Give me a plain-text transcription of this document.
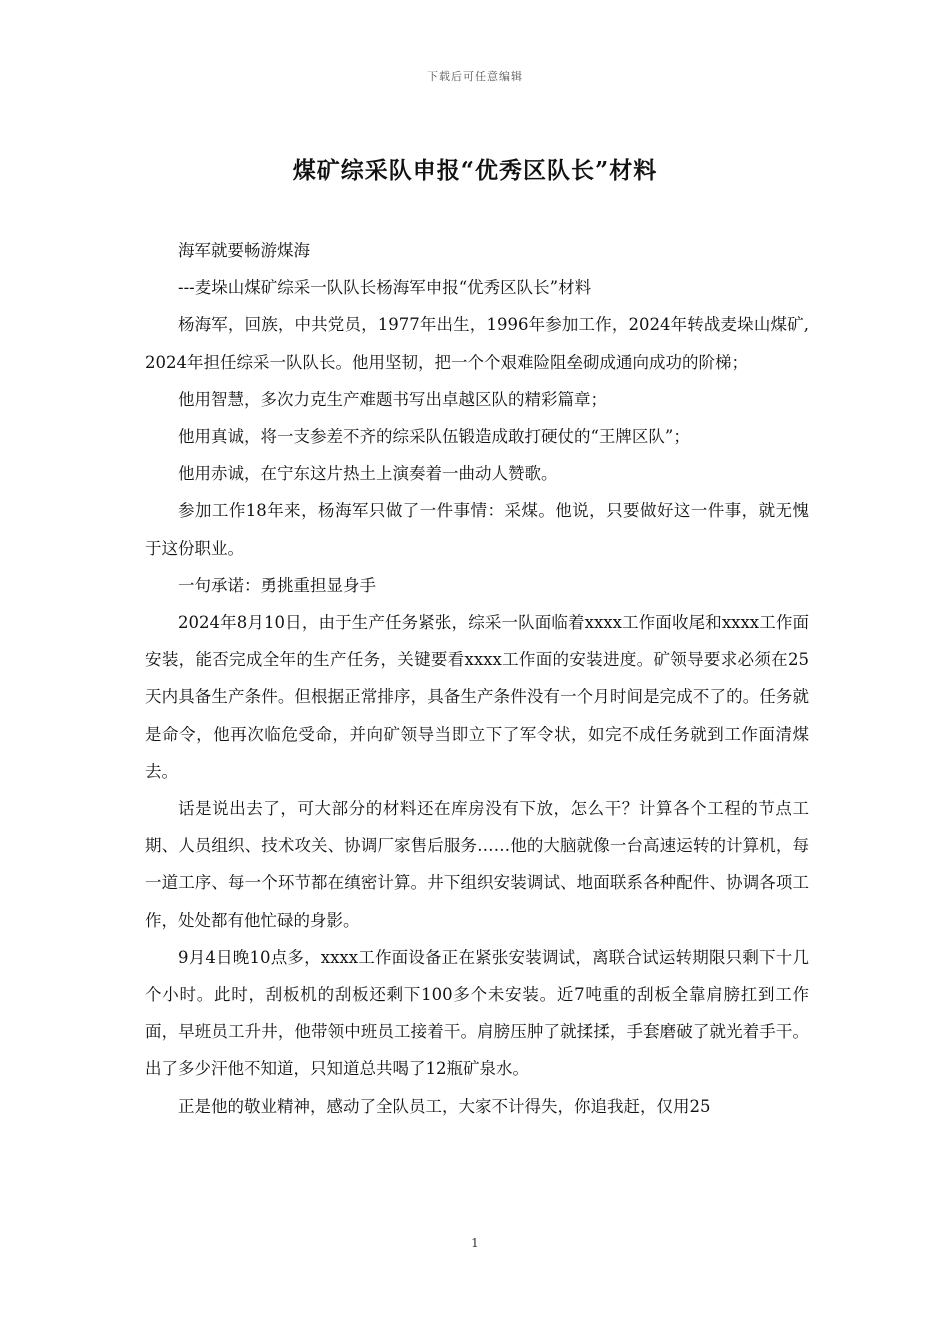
下载后可任意编辑
煤矿综采队申报“优秀区队长”材料

海军就要畅游煤海

---麦垛山煤矿综采一队队长杨海军申报“优秀区队长”材料

杨海军，回族，中共党员，1977年出生，1996年参加工作，2024年转战麦垛山煤矿,2024年担任综采一队队长。他用坚韧，把一个个艰难险阻垒砌成通向成功的阶梯；

他用智慧，多次力克生产难题书写出卓越区队的精彩篇章；

他用真诚，将一支参差不齐的综采队伍锻造成敢打硬仗的“王牌区队”；

他用赤诚，在宁东这片热土上演奏着一曲动人赞歌。

参加工作18年来，杨海军只做了一件事情：采煤。他说，只要做好这一件事，就无愧于这份职业。

一句承诺：勇挑重担显身手

2024年8月10日，由于生产任务紧张，综采一队面临着xxxx工作面收尾和xxxx工作面安装，能否完成全年的生产任务，关键要看xxxx工作面的安装进度。矿领导要求必须在25天内具备生产条件。但根据正常排序，具备生产条件没有一个月时间是完成不了的。任务就是命令，他再次临危受命，并向矿领导当即立下了军令状，如完不成任务就到工作面清煤去。

话是说出去了，可大部分的材料还在库房没有下放，怎么干？计算各个工程的节点工期、人员组织、技术攻关、协调厂家售后服务……他的大脑就像一台高速运转的计算机，每一道工序、每一个环节都在缜密计算。井下组织安装调试、地面联系各种配件、协调各项工作，处处都有他忙碌的身影。

9月4日晚10点多，xxxx工作面设备正在紧张安装调试，离联合试运转期限只剩下十几个小时。此时，刮板机的刮板还剩下100多个未安装。近7吨重的刮板全靠肩膀扛到工作面，早班员工升井，他带领中班员工接着干。肩膀压肿了就揉揉，手套磨破了就光着手干。出了多少汗他不知道，只知道总共喝了12瓶矿泉水。

正是他的敬业精神，感动了全队员工，大家不计得失，你追我赶，仅用25

1
